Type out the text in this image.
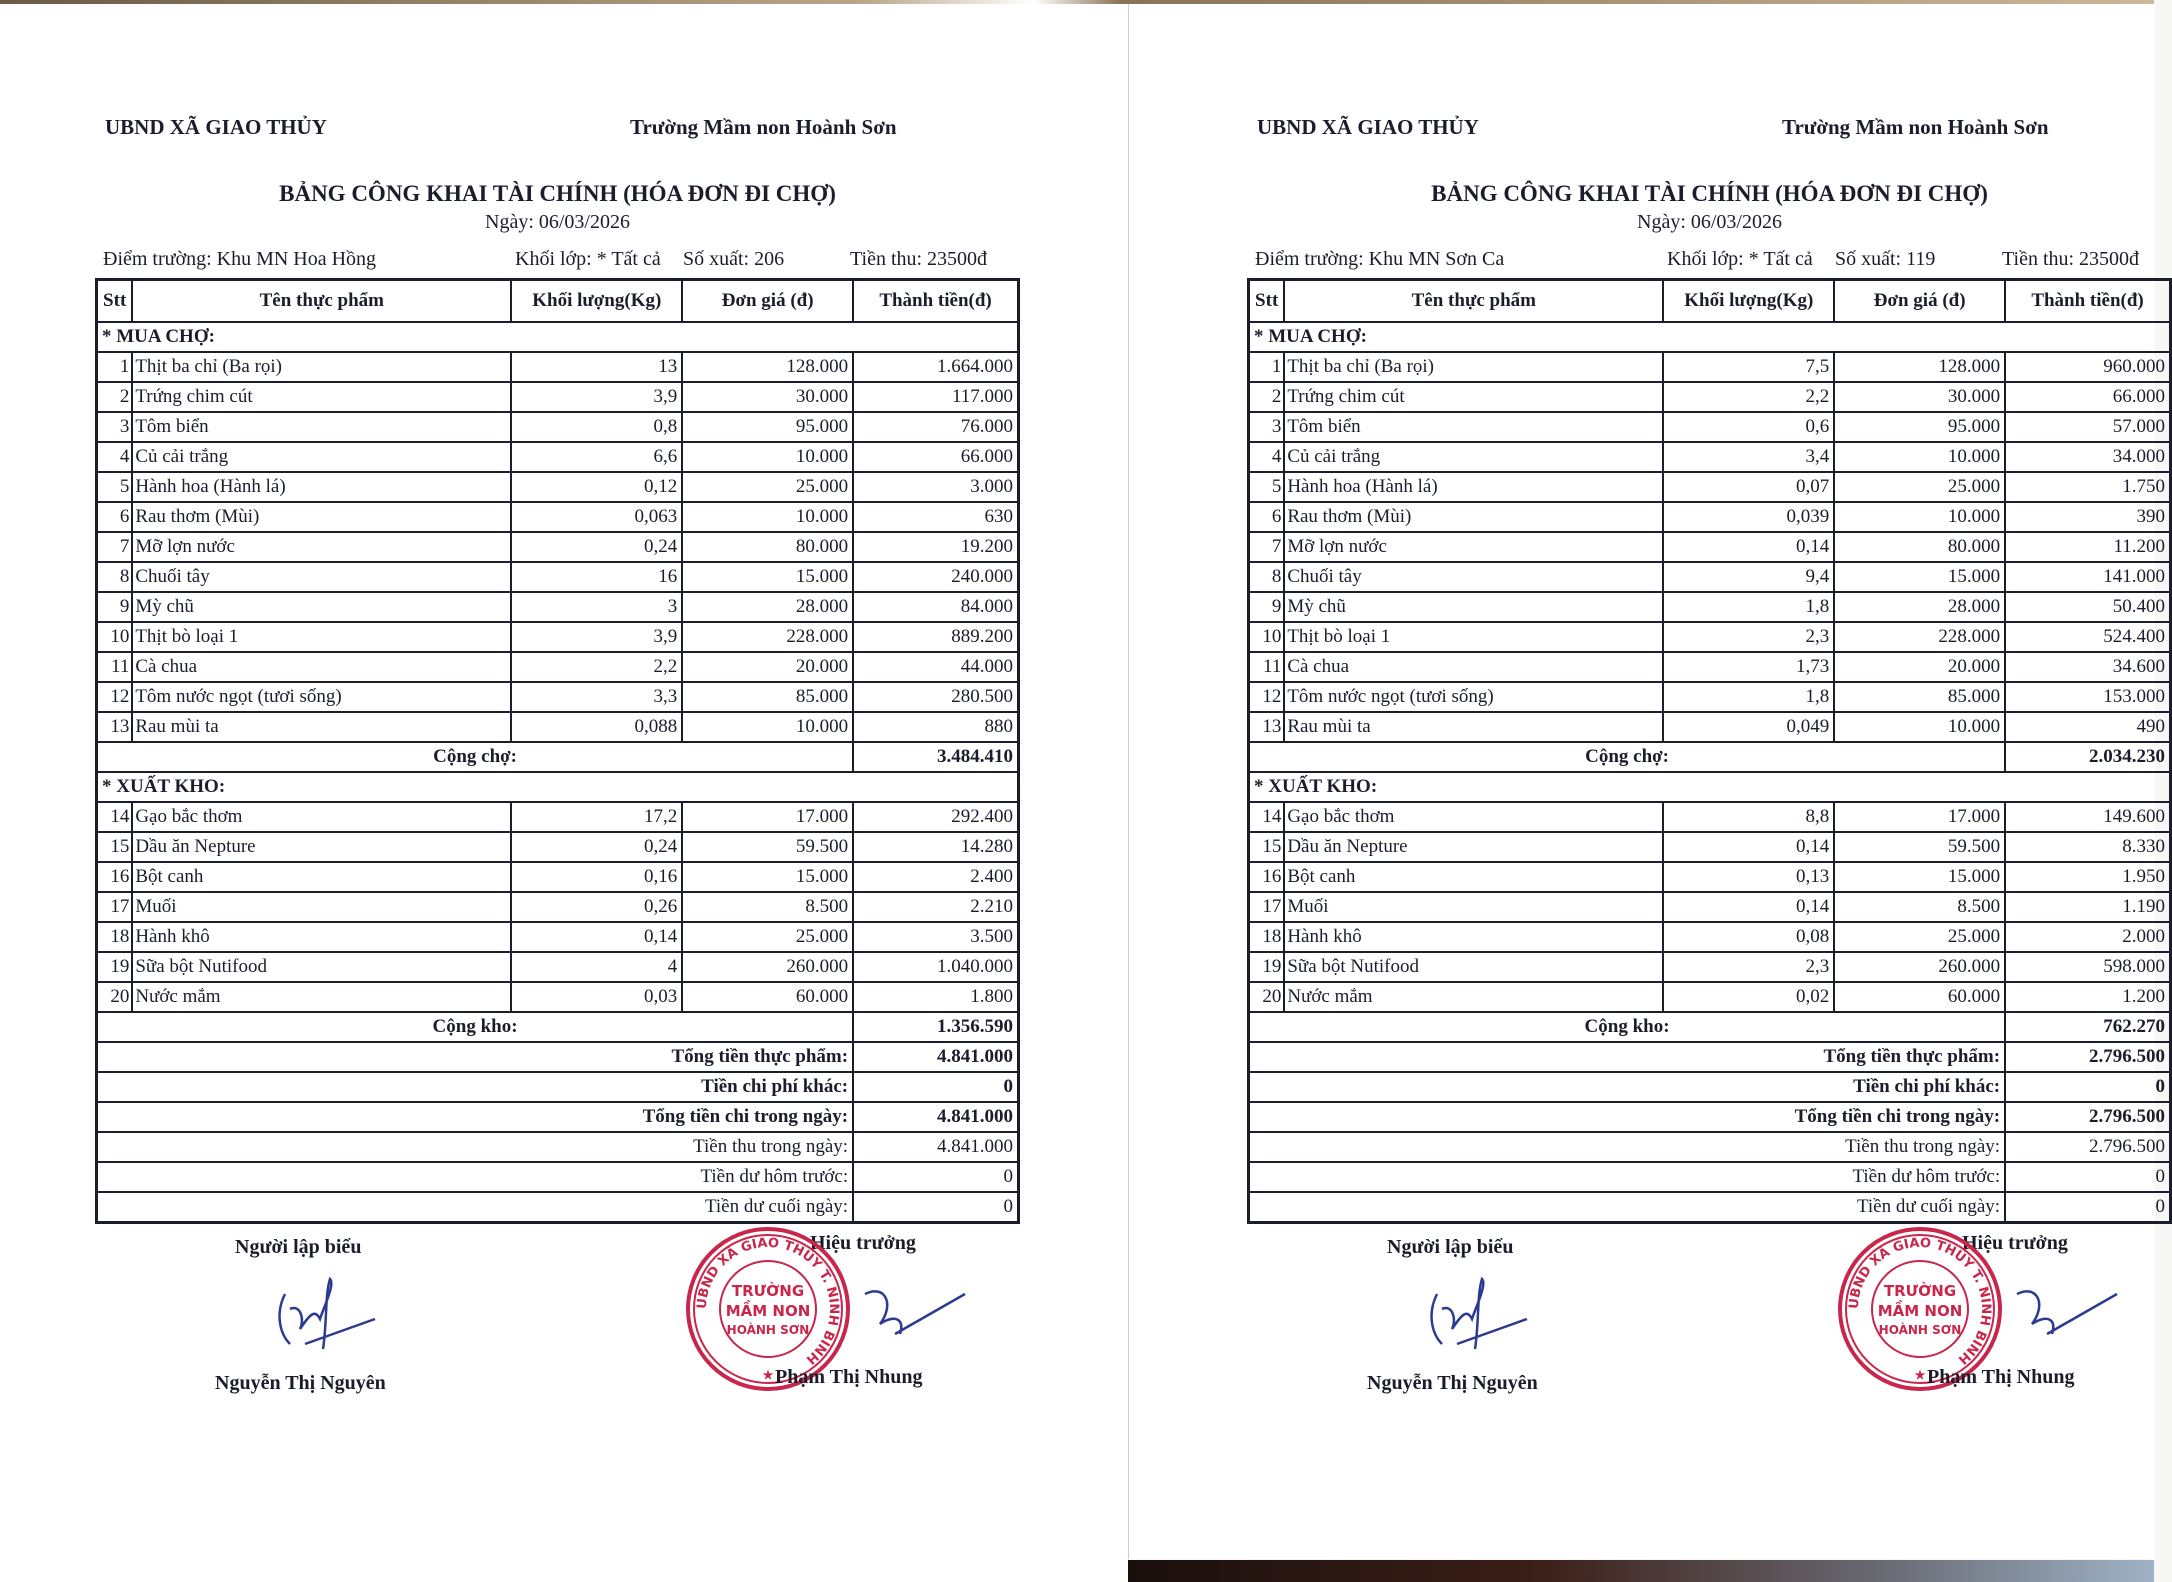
UBND XÃ GIAO THỦY	Trường Mầm non Hoành Sơn
BẢNG CÔNG KHAI TÀI CHÍNH (HÓA ĐƠN ĐI CHỢ)
Ngày: 06/03/2026
Điểm trường: Khu MN Hoa Hồng	Khối lớp: * Tất cả Số xuất: 206	Tiền thu: 23500đ
Stt	Tên thực phẩm	Khối lượng(Kg)	Đơn giá (đ)	Thành tiền(đ)
* MUA CHỢ:				
1	Thịt ba chỉ (Ba rọi)	13	128.000	1.664.000
2	Trứng chim cút	3,9	30.000	117.000
3	Tôm biển	0,8	95.000	76.000
4	Củ cải trắng	6,6	10.000	66.000
5	Hành hoa (Hành lá)	0,12	25.000	3.000
6	Rau thơm (Mùi)	0,063	10.000	630
7	Mỡ lợn nước	0,24	80.000	19.200
8	Chuối tây	16	15.000	240.000
9	Mỳ chũ	3	28.000	84.000
10	Thịt bò loại 1	3,9	228.000	889.200
11	Cà chua	2,2	20.000	44.000
12	Tôm nước ngọt (tươi sống)	3,3	85.000	280.500
13	Rau mùi ta	0,088	10.000	880
Cộng chợ:				3.484.410
* XUẤT KHO:				
14	Gạo bắc thơm	17,2	17.000	292.400
15	Dầu ăn Nepture	0,24	59.500	14.280
16	Bột canh	0,16	15.000	2.400
17	Muối	0,26	8.500	2.210
18	Hành khô	0,14	25.000	3.500
19	Sữa bột Nutifood	4	260.000	1.040.000
20	Nước mắm	0,03	60.000	1.800
Cộng kho:				1.356.590
Tổng tiền thực phẩm:				4.841.000
Tiền chi phí khác:				0
Tổng tiền chi trong ngày:				4.841.000
Tiền thu trong ngày:				4.841.000
Tiền dư hôm trước:				0
Tiền dư cuối ngày:				0
Người lập biểu
Nguyễn Thị Nguyên
Hiệu trưởng
UBND XÃ GIAO THỦY T. NINH BÌNH
TRƯỜNG
MẦM NON
HOÀNH SƠN
★ Phạm Thị Nhung
UBND XÃ GIAO THỦY	Trường Mầm non Hoành Sơn
BẢNG CÔNG KHAI TÀI CHÍNH (HÓA ĐƠN ĐI CHỢ)
Ngày: 06/03/2026
Điểm trường: Khu MN Sơn Ca	Khối lớp: * Tất cả Số xuất: 119	Tiền thu: 23500đ
Stt	Tên thực phẩm	Khối lượng(Kg)	Đơn giá (đ)	Thành tiền(đ)
* MUA CHỢ:				
1	Thịt ba chỉ (Ba rọi)	7,5	128.000	960.000
2	Trứng chim cút	2,2	30.000	66.000
3	Tôm biển	0,6	95.000	57.000
4	Củ cải trắng	3,4	10.000	34.000
5	Hành hoa (Hành lá)	0,07	25.000	1.750
6	Rau thơm (Mùi)	0,039	10.000	390
7	Mỡ lợn nước	0,14	80.000	11.200
8	Chuối tây	9,4	15.000	141.000
9	Mỳ chũ	1,8	28.000	50.400
10	Thịt bò loại 1	2,3	228.000	524.400
11	Cà chua	1,73	20.000	34.600
12	Tôm nước ngọt (tươi sống)	1,8	85.000	153.000
13	Rau mùi ta	0,049	10.000	490
Cộng chợ:				2.034.230
* XUẤT KHO:				
14	Gạo bắc thơm	8,8	17.000	149.600
15	Dầu ăn Nepture	0,14	59.500	8.330
16	Bột canh	0,13	15.000	1.950
17	Muối	0,14	8.500	1.190
18	Hành khô	0,08	25.000	2.000
19	Sữa bột Nutifood	2,3	260.000	598.000
20	Nước mắm	0,02	60.000	1.200
Cộng kho:				762.270
Tổng tiền thực phẩm:				2.796.500
Tiền chi phí khác:				0
Tổng tiền chi trong ngày:				2.796.500
Tiền thu trong ngày:				2.796.500
Tiền dư hôm trước:				0
Tiền dư cuối ngày:				0
Người lập biểu
Nguyễn Thị Nguyên
Hiệu trưởng
UBND XÃ GIAO THỦY T. NINH BÌNH
TRƯỜNG
MẦM NON
HOÀNH SƠN
★ Phạm Thị Nhung
